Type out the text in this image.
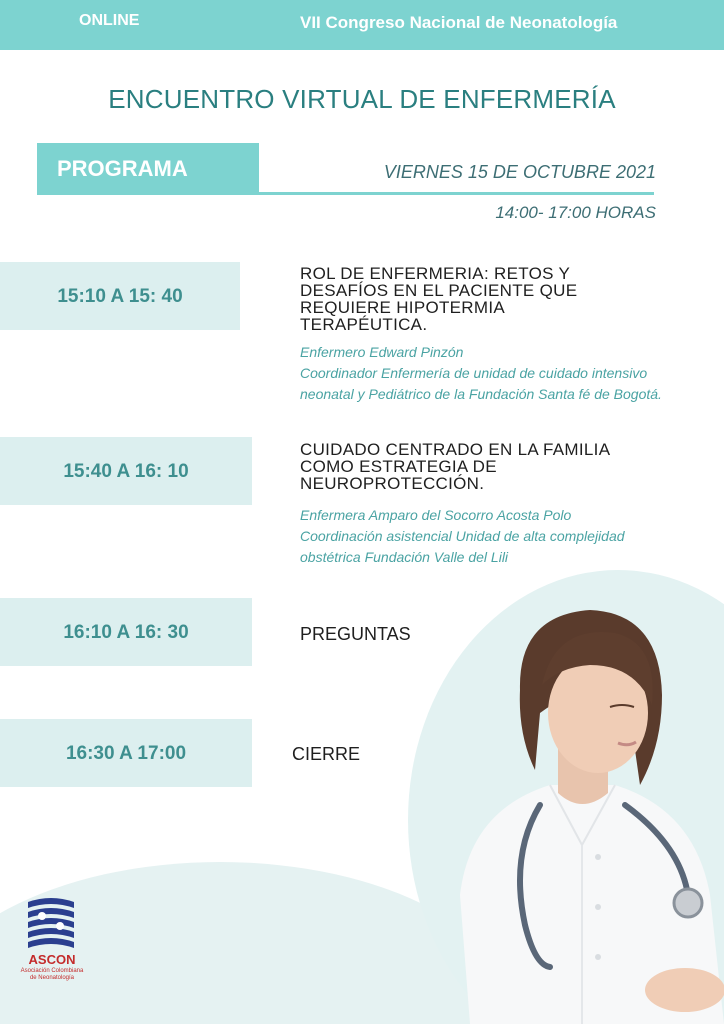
ONLINE	VII Congreso Nacional de Neonatología
ENCUENTRO VIRTUAL DE ENFERMERÍA
PROGRAMA	VIERNES 15 DE OCTUBRE 2021
14:00- 17:00 HORAS
15:10 A 15: 40
ROL DE ENFERMERIA: RETOS Y
DESAFÍOS EN EL PACIENTE QUE
REQUIERE HIPOTERMIA
TERAPÉUTICA.
Enfermero Edward Pinzón
Coordinador Enfermería de unidad de cuidado intensivo
neonatal y Pediátrico de la Fundación Santa fé de Bogotá.
15:40 A 16: 10
CUIDADO CENTRADO EN LA FAMILIA
COMO ESTRATEGIA DE
NEUROPROTECCIÓN.
Enfermera Amparo del Socorro Acosta Polo
Coordinación asistencial Unidad de alta complejidad
obstétrica Fundación Valle del Lili
16:10 A 16: 30	PREGUNTAS
16:30 A 17:00	CIERRE
ASCON
Asociación Colombiana
de Neonatología
